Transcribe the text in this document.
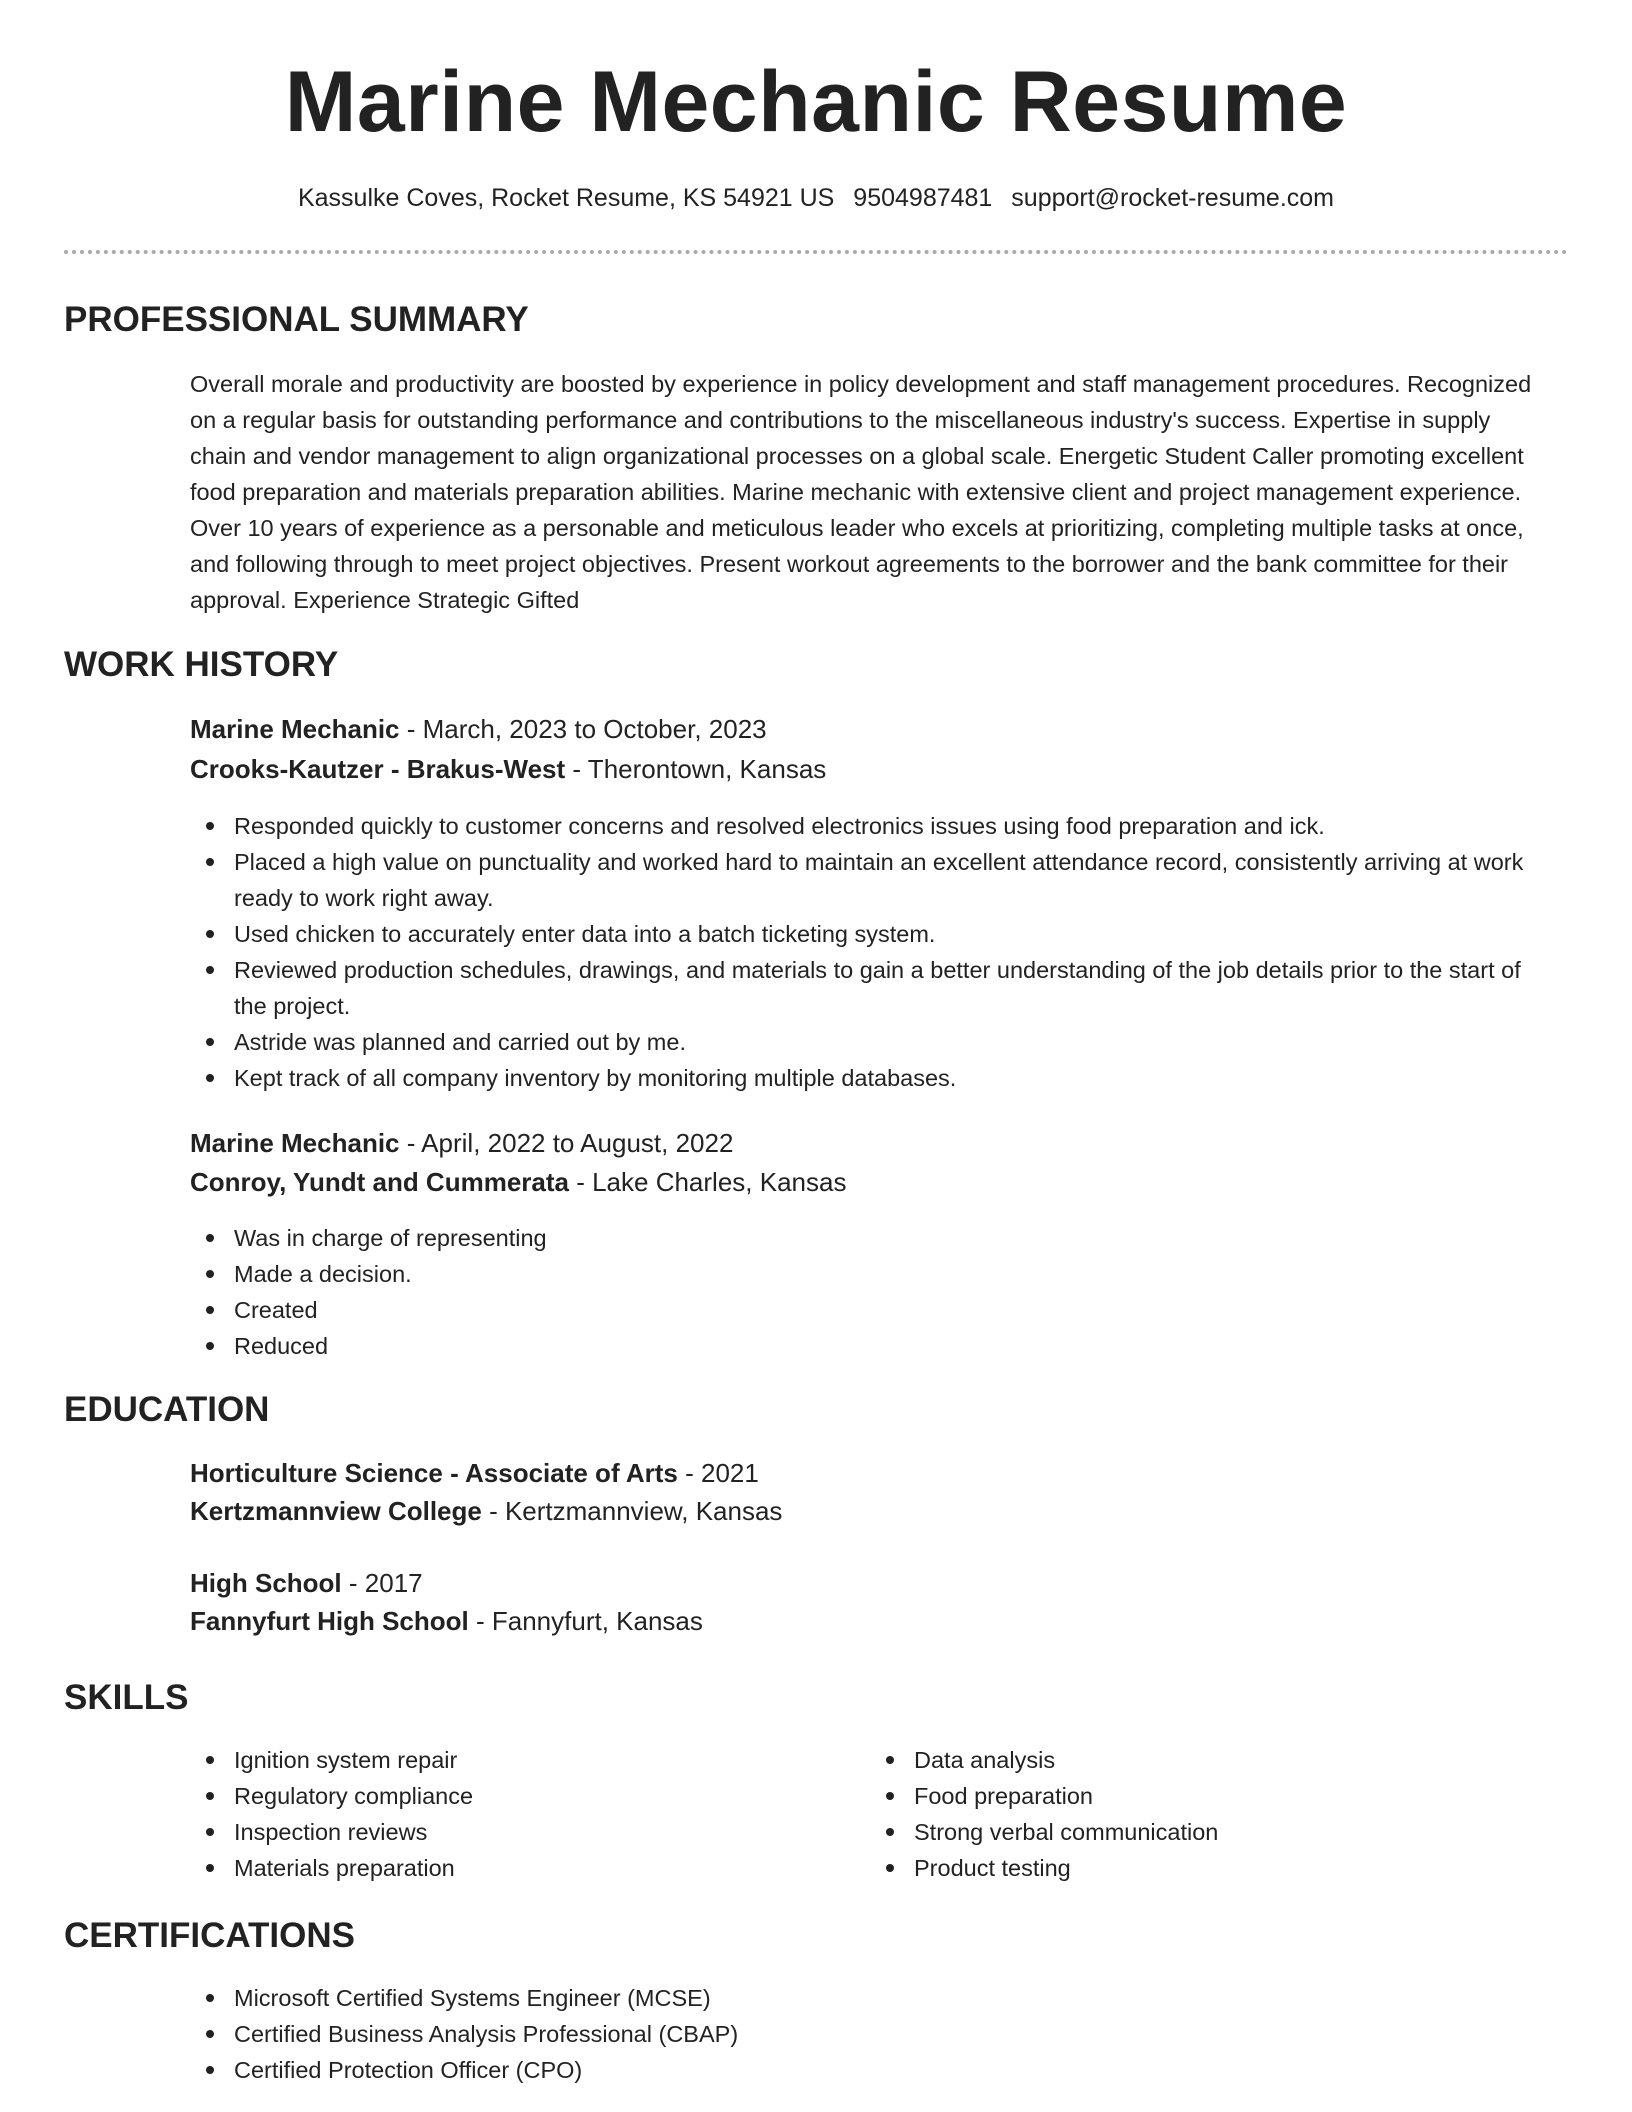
Marine Mechanic Resume
Kassulke Coves, Rocket Resume, KS 54921 US 9504987481 support@rocket-resume.com
PROFESSIONAL SUMMARY

Overall morale and productivity are boosted by experience in policy development and staff management procedures. Recognized on a regular basis for outstanding performance and contributions to the miscellaneous industry's success. Expertise in supply chain and vendor management to align organizational processes on a global scale. Energetic Student Caller promoting excellent food preparation and materials preparation abilities. Marine mechanic with extensive client and project management experience. Over 10 years of experience as a personable and meticulous leader who excels at prioritizing, completing multiple tasks at once, and following through to meet project objectives. Present workout agreements to the borrower and the bank committee for their approval. Experience Strategic Gifted

WORK HISTORY
Marine Mechanic - March, 2023 to October, 2023
Crooks-Kautzer - Brakus-West - Therontown, Kansas
Responded quickly to customer concerns and resolved electronics issues using food preparation and ick.
Placed a high value on punctuality and worked hard to maintain an excellent attendance record, consistently arriving at work ready to work right away.
Used chicken to accurately enter data into a batch ticketing system.
Reviewed production schedules, drawings, and materials to gain a better understanding of the job details prior to the start of the project.
Astride was planned and carried out by me.
Kept track of all company inventory by monitoring multiple databases.
Marine Mechanic - April, 2022 to August, 2022
Conroy, Yundt and Cummerata - Lake Charles, Kansas
Was in charge of representing
Made a decision.
Created
Reduced
EDUCATION
Horticulture Science - Associate of Arts - 2021
Kertzmannview College - Kertzmannview, Kansas
High School - 2017
Fannyfurt High School - Fannyfurt, Kansas
SKILLS
Ignition system repair
Regulatory compliance
Inspection reviews
Materials preparation
Data analysis
Food preparation
Strong verbal communication
Product testing
CERTIFICATIONS
Microsoft Certified Systems Engineer (MCSE)
Certified Business Analysis Professional (CBAP)
Certified Protection Officer (CPO)
